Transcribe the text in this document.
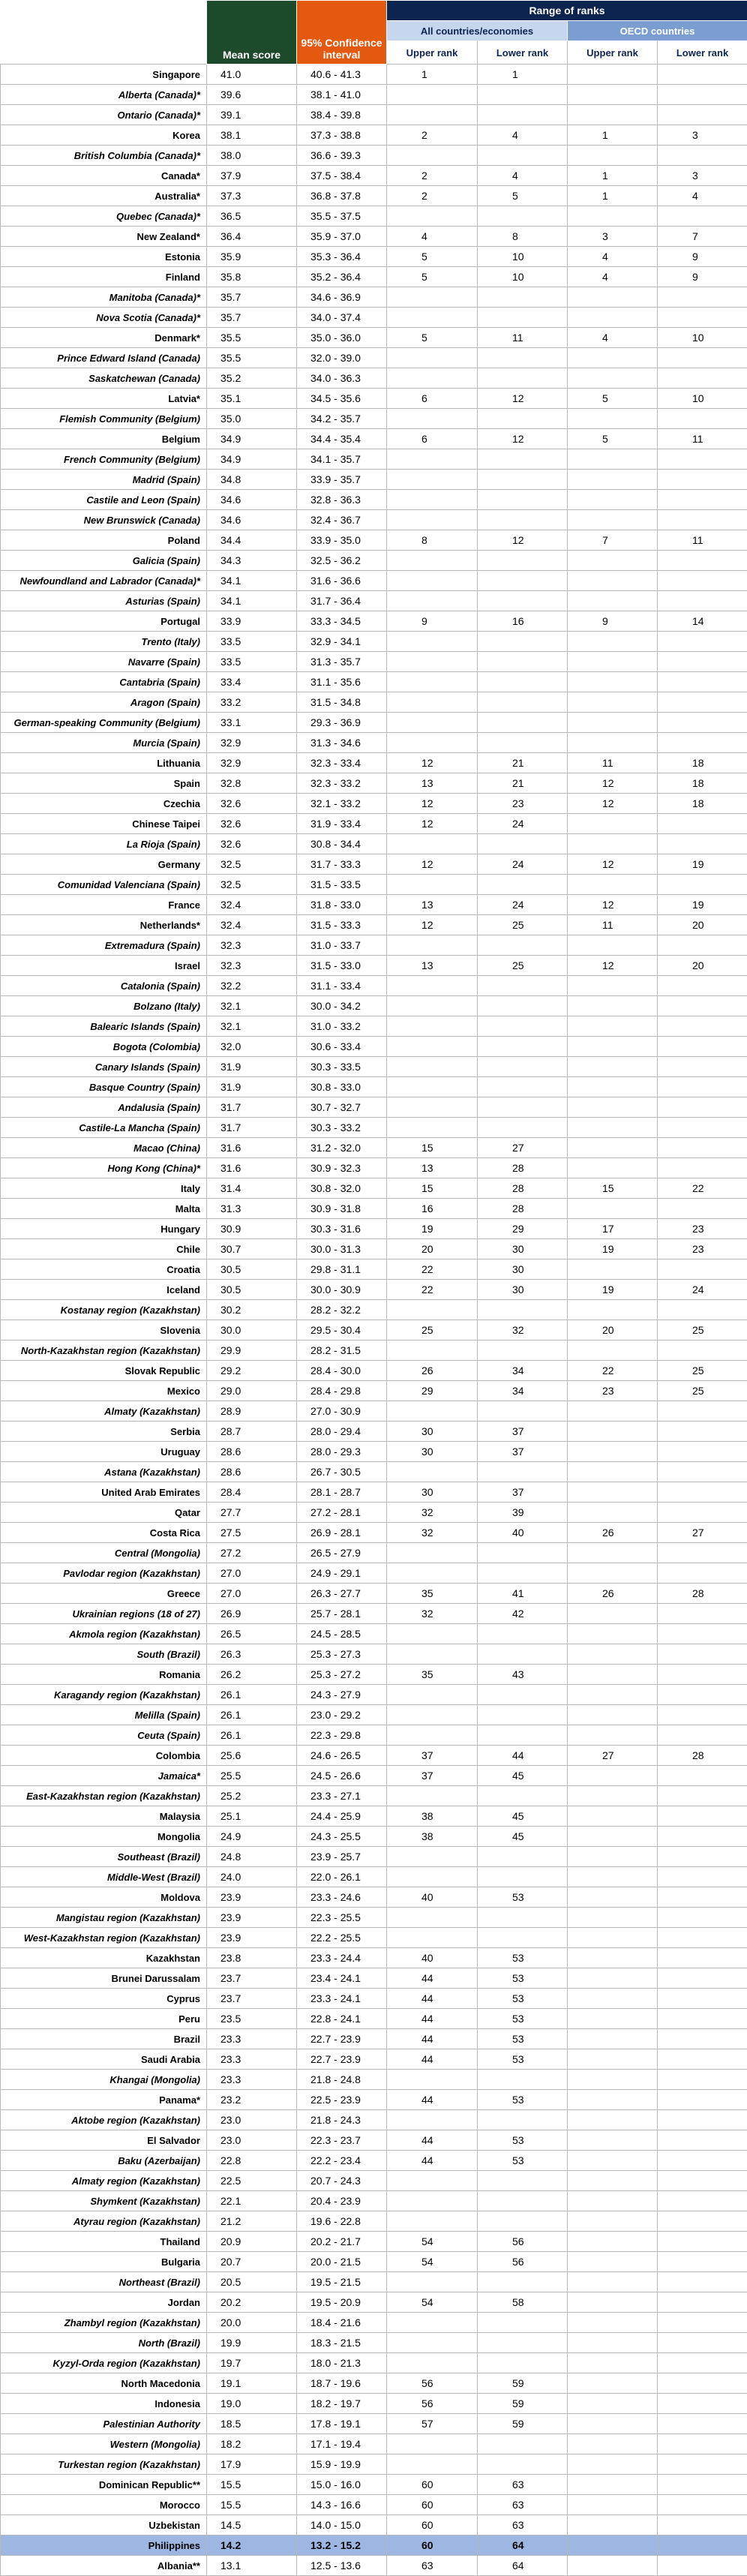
	Mean score	95% Confidence interval	Range of ranks			
			All countries/economies		OECD countries	
			Upper rank	Lower rank	Upper rank	Lower rank
Singapore	41.0	40.6 - 41.3	1	1		
Alberta (Canada)*	39.6	38.1 - 41.0				
Ontario (Canada)*	39.1	38.4 - 39.8				
Korea	38.1	37.3 - 38.8	2	4	1	3
British Columbia (Canada)*	38.0	36.6 - 39.3				
Canada*	37.9	37.5 - 38.4	2	4	1	3
Australia*	37.3	36.8 - 37.8	2	5	1	4
Quebec (Canada)*	36.5	35.5 - 37.5				
New Zealand*	36.4	35.9 - 37.0	4	8	3	7
Estonia	35.9	35.3 - 36.4	5	10	4	9
Finland	35.8	35.2 - 36.4	5	10	4	9
Manitoba (Canada)*	35.7	34.6 - 36.9				
Nova Scotia (Canada)*	35.7	34.0 - 37.4				
Denmark*	35.5	35.0 - 36.0	5	11	4	10
Prince Edward Island (Canada)	35.5	32.0 - 39.0				
Saskatchewan (Canada)	35.2	34.0 - 36.3				
Latvia*	35.1	34.5 - 35.6	6	12	5	10
Flemish Community (Belgium)	35.0	34.2 - 35.7				
Belgium	34.9	34.4 - 35.4	6	12	5	11
French Community (Belgium)	34.9	34.1 - 35.7				
Madrid (Spain)	34.8	33.9 - 35.7				
Castile and Leon (Spain)	34.6	32.8 - 36.3				
New Brunswick (Canada)	34.6	32.4 - 36.7				
Poland	34.4	33.9 - 35.0	8	12	7	11
Galicia (Spain)	34.3	32.5 - 36.2				
Newfoundland and Labrador (Canada)*	34.1	31.6 - 36.6				
Asturias (Spain)	34.1	31.7 - 36.4				
Portugal	33.9	33.3 - 34.5	9	16	9	14
Trento (Italy)	33.5	32.9 - 34.1				
Navarre (Spain)	33.5	31.3 - 35.7				
Cantabria (Spain)	33.4	31.1 - 35.6				
Aragon (Spain)	33.2	31.5 - 34.8				
German-speaking Community (Belgium)	33.1	29.3 - 36.9				
Murcia (Spain)	32.9	31.3 - 34.6				
Lithuania	32.9	32.3 - 33.4	12	21	11	18
Spain	32.8	32.3 - 33.2	13	21	12	18
Czechia	32.6	32.1 - 33.2	12	23	12	18
Chinese Taipei	32.6	31.9 - 33.4	12	24		
La Rioja (Spain)	32.6	30.8 - 34.4				
Germany	32.5	31.7 - 33.3	12	24	12	19
Comunidad Valenciana (Spain)	32.5	31.5 - 33.5				
France	32.4	31.8 - 33.0	13	24	12	19
Netherlands*	32.4	31.5 - 33.3	12	25	11	20
Extremadura (Spain)	32.3	31.0 - 33.7				
Israel	32.3	31.5 - 33.0	13	25	12	20
Catalonia (Spain)	32.2	31.1 - 33.4				
Bolzano (Italy)	32.1	30.0 - 34.2				
Balearic Islands (Spain)	32.1	31.0 - 33.2				
Bogota (Colombia)	32.0	30.6 - 33.4				
Canary Islands (Spain)	31.9	30.3 - 33.5				
Basque Country (Spain)	31.9	30.8 - 33.0				
Andalusia (Spain)	31.7	30.7 - 32.7				
Castile-La Mancha (Spain)	31.7	30.3 - 33.2				
Macao (China)	31.6	31.2 - 32.0	15	27		
Hong Kong (China)*	31.6	30.9 - 32.3	13	28		
Italy	31.4	30.8 - 32.0	15	28	15	22
Malta	31.3	30.9 - 31.8	16	28		
Hungary	30.9	30.3 - 31.6	19	29	17	23
Chile	30.7	30.0 - 31.3	20	30	19	23
Croatia	30.5	29.8 - 31.1	22	30		
Iceland	30.5	30.0 - 30.9	22	30	19	24
Kostanay region (Kazakhstan)	30.2	28.2 - 32.2				
Slovenia	30.0	29.5 - 30.4	25	32	20	25
North-Kazakhstan region (Kazakhstan)	29.9	28.2 - 31.5				
Slovak Republic	29.2	28.4 - 30.0	26	34	22	25
Mexico	29.0	28.4 - 29.8	29	34	23	25
Almaty (Kazakhstan)	28.9	27.0 - 30.9				
Serbia	28.7	28.0 - 29.4	30	37		
Uruguay	28.6	28.0 - 29.3	30	37		
Astana (Kazakhstan)	28.6	26.7 - 30.5				
United Arab Emirates	28.4	28.1 - 28.7	30	37		
Qatar	27.7	27.2 - 28.1	32	39		
Costa Rica	27.5	26.9 - 28.1	32	40	26	27
Central (Mongolia)	27.2	26.5 - 27.9				
Pavlodar region (Kazakhstan)	27.0	24.9 - 29.1				
Greece	27.0	26.3 - 27.7	35	41	26	28
Ukrainian regions (18 of 27)	26.9	25.7 - 28.1	32	42		
Akmola region (Kazakhstan)	26.5	24.5 - 28.5				
South (Brazil)	26.3	25.3 - 27.3				
Romania	26.2	25.3 - 27.2	35	43		
Karagandy region (Kazakhstan)	26.1	24.3 - 27.9				
Melilla (Spain)	26.1	23.0 - 29.2				
Ceuta (Spain)	26.1	22.3 - 29.8				
Colombia	25.6	24.6 - 26.5	37	44	27	28
Jamaica*	25.5	24.5 - 26.6	37	45		
East-Kazakhstan region (Kazakhstan)	25.2	23.3 - 27.1				
Malaysia	25.1	24.4 - 25.9	38	45		
Mongolia	24.9	24.3 - 25.5	38	45		
Southeast (Brazil)	24.8	23.9 - 25.7				
Middle-West (Brazil)	24.0	22.0 - 26.1				
Moldova	23.9	23.3 - 24.6	40	53		
Mangistau region (Kazakhstan)	23.9	22.3 - 25.5				
West-Kazakhstan region (Kazakhstan)	23.9	22.2 - 25.5				
Kazakhstan	23.8	23.3 - 24.4	40	53		
Brunei Darussalam	23.7	23.4 - 24.1	44	53		
Cyprus	23.7	23.3 - 24.1	44	53		
Peru	23.5	22.8 - 24.1	44	53		
Brazil	23.3	22.7 - 23.9	44	53		
Saudi Arabia	23.3	22.7 - 23.9	44	53		
Khangai (Mongolia)	23.3	21.8 - 24.8				
Panama*	23.2	22.5 - 23.9	44	53		
Aktobe region (Kazakhstan)	23.0	21.8 - 24.3				
El Salvador	23.0	22.3 - 23.7	44	53		
Baku (Azerbaijan)	22.8	22.2 - 23.4	44	53		
Almaty region (Kazakhstan)	22.5	20.7 - 24.3				
Shymkent (Kazakhstan)	22.1	20.4 - 23.9				
Atyrau region (Kazakhstan)	21.2	19.6 - 22.8				
Thailand	20.9	20.2 - 21.7	54	56		
Bulgaria	20.7	20.0 - 21.5	54	56		
Northeast (Brazil)	20.5	19.5 - 21.5				
Jordan	20.2	19.5 - 20.9	54	58		
Zhambyl region (Kazakhstan)	20.0	18.4 - 21.6				
North (Brazil)	19.9	18.3 - 21.5				
Kyzyl-Orda region (Kazakhstan)	19.7	18.0 - 21.3				
North Macedonia	19.1	18.7 - 19.6	56	59		
Indonesia	19.0	18.2 - 19.7	56	59		
Palestinian Authority	18.5	17.8 - 19.1	57	59		
Western (Mongolia)	18.2	17.1 - 19.4				
Turkestan region (Kazakhstan)	17.9	15.9 - 19.9				
Dominican Republic**	15.5	15.0 - 16.0	60	63		
Morocco	15.5	14.3 - 16.6	60	63		
Uzbekistan	14.5	14.0 - 15.0	60	63		
Philippines	14.2	13.2 - 15.2	60	64		
Albania**	13.1	12.5 - 13.6	63	64		
